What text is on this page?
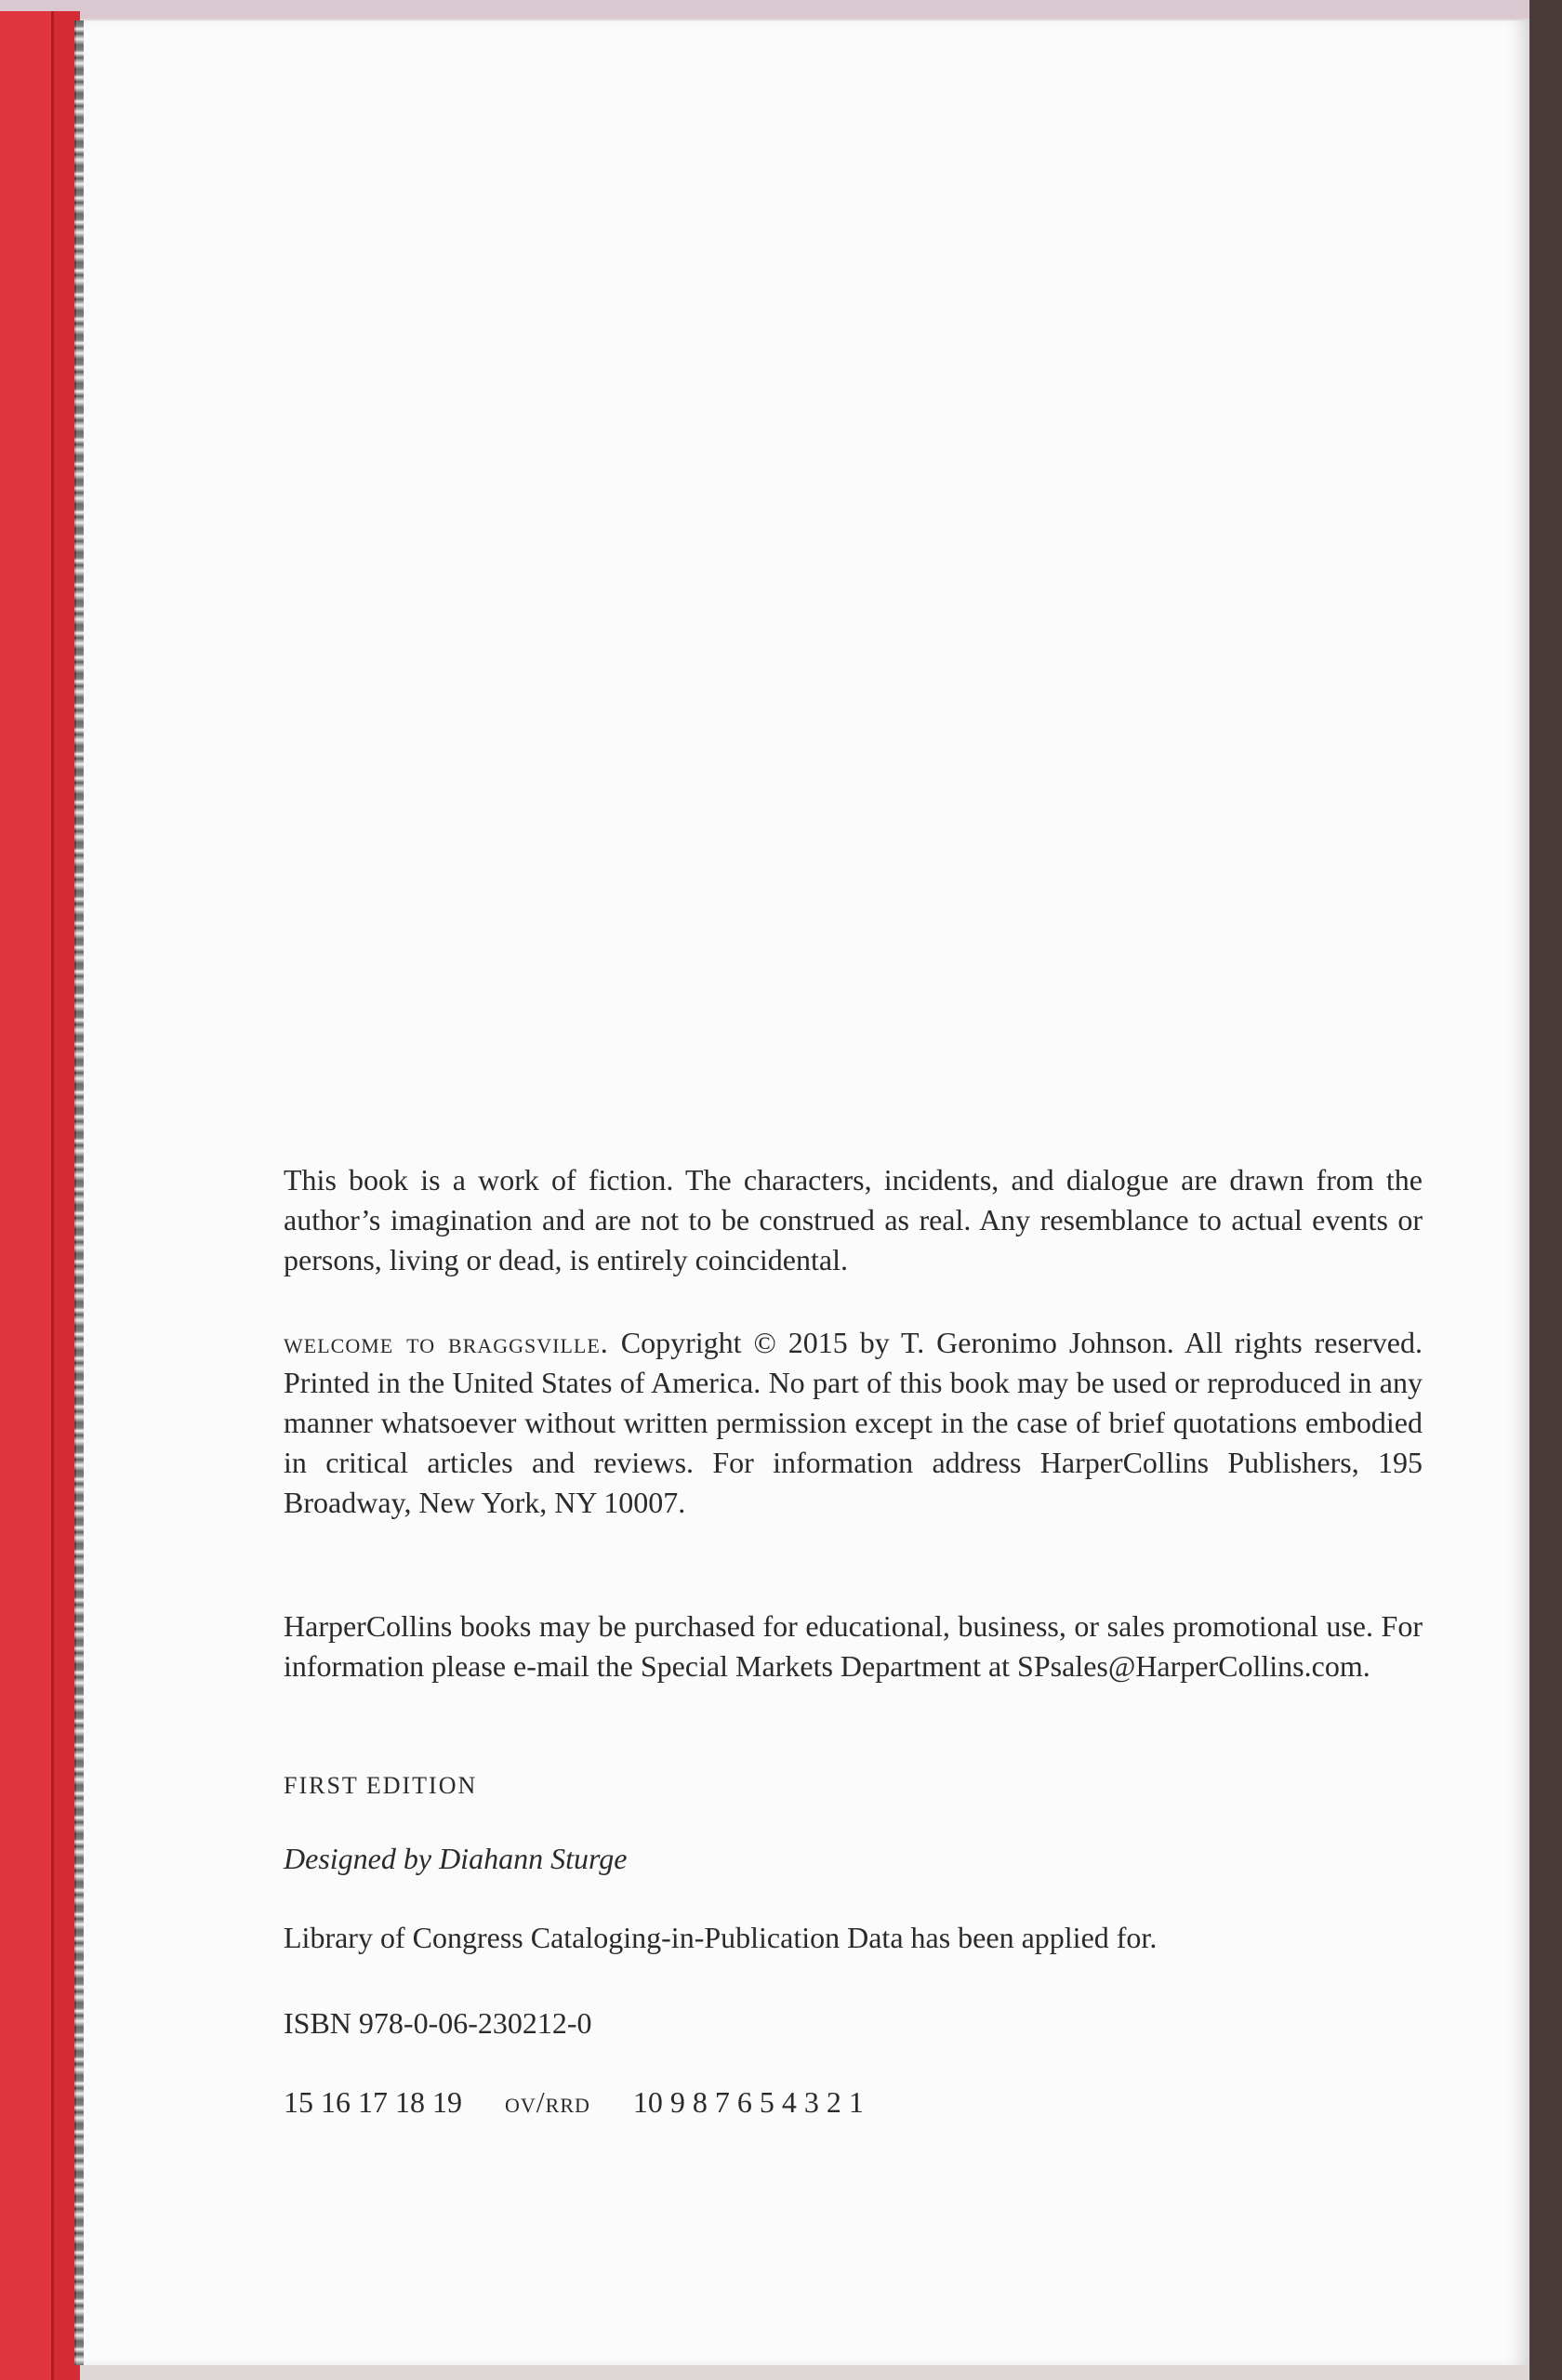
This book is a work of fiction. The characters, incidents, and dialogue are drawn from the author’s imagination and are not to be construed as real. Any resemblance to actual events or persons, living or dead, is entirely coincidental.

welcome to braggsville. Copyright © 2015 by T. Geronimo Johnson. All rights reserved. Printed in the United States of America. No part of this book may be used or reproduced in any manner whatsoever without written permission except in the case of brief quotations embodied in critical articles and reviews. For information address HarperCollins Publishers, 195 Broadway, New York, NY 10007.

HarperCollins books may be purchased for educational, business, or sales promotional use. For information please e-mail the Special Markets Department at SPsales@HarperCollins.com.

FIRST EDITION

Designed by Diahann Sturge

Library of Congress Cataloging-in-Publication Data has been applied for.

ISBN 978-0-06-230212-0

15 16 17 18 19 ov/rrd 10 9 8 7 6 5 4 3 2 1
